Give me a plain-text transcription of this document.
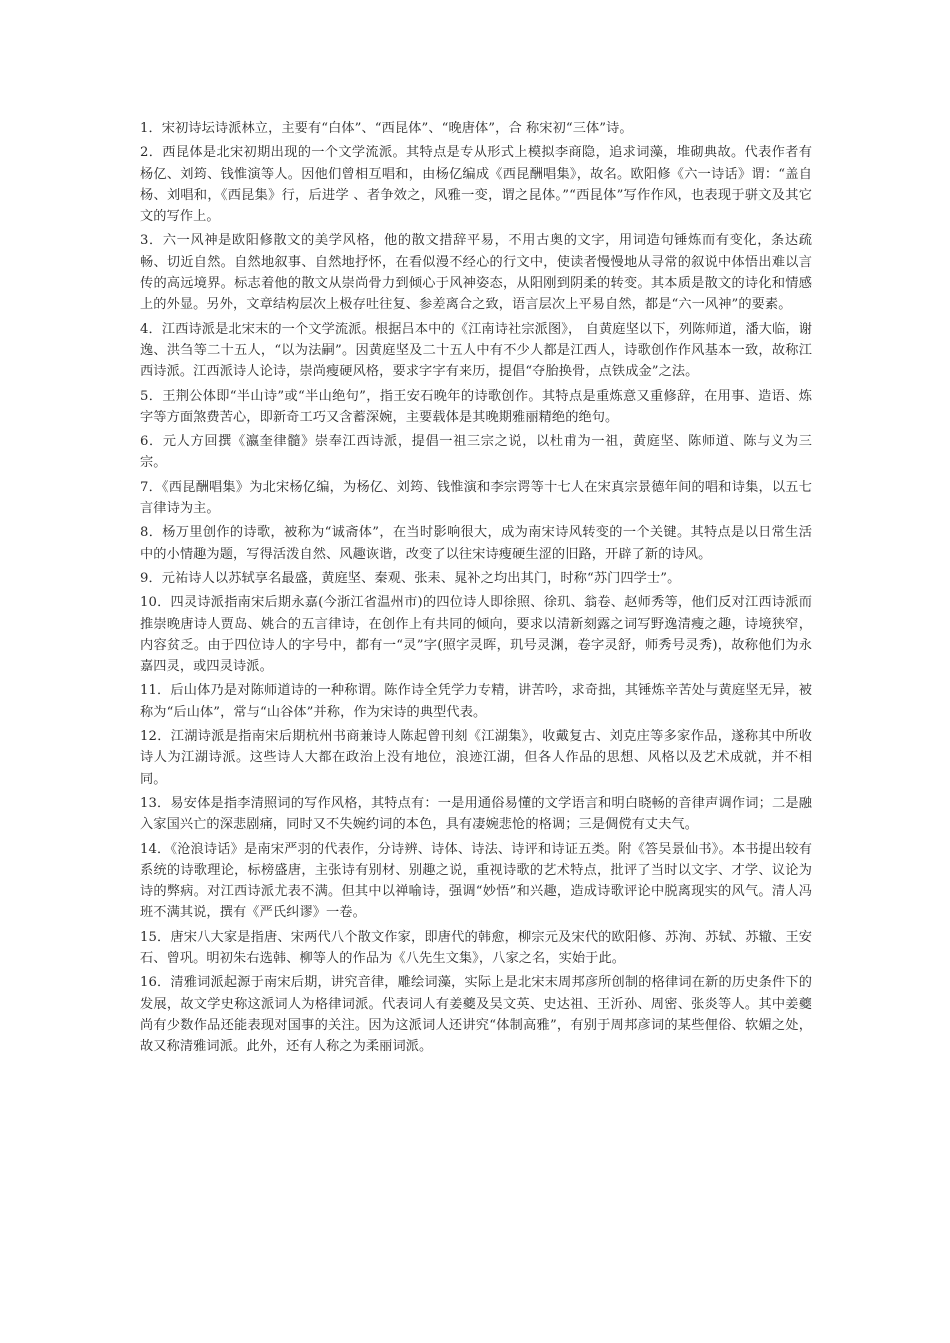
1．宋初诗坛诗派林立，主要有“白体”、“西昆体”、“晚唐体”，合 称宋初“三体”诗。

2．西昆体是北宋初期出现的一个文学流派。其特点是专从形式上模拟李商隐，追求词藻，堆砌典故。代表作者有杨亿、刘筠、钱惟演等人。因他们曾相互唱和，由杨亿编成《西昆酬唱集》，故名。欧阳修《六一诗话》谓：“盖自杨、刘唱和，《西昆集》行，后进学 、者争效之，风雅一变，谓之昆体。”“西昆体”写作作风，也表现于骈文及其它文的写作上。

3．六一风神是欧阳修散文的美学风格，他的散文措辞平易，不用古奥的文字，用词造句锤炼而有变化，条达疏畅、切近自然。自然地叙事、自然地抒怀，在看似漫不经心的行文中，使读者慢慢地从寻常的叙说中体悟出难以言传的高远境界。标志着他的散文从崇尚骨力到倾心于风神姿态，从阳刚到阴柔的转变。其本质是散文的诗化和情感上的外显。另外，文章结构层次上极存吐往复、参差离合之致，语言层次上平易自然，都是“六一风神”的要素。

4．江西诗派是北宋末的一个文学流派。根据吕本中的《江南诗社宗派图》， 自黄庭坚以下，列陈师道，潘大临，谢逸、洪刍等二十五人，“以为法嗣”。因黄庭坚及二十五人中有不少人都是江西人，诗歌创作作风基本一致，故称江西诗派。江西派诗人论诗，崇尚瘦硬风格，要求字字有来历，提倡“夺胎换骨，点铁成金”之法。

5．王荆公体即“半山诗”或“半山绝句”，指王安石晚年的诗歌创作。其特点是重炼意又重修辞，在用事、造语、炼字等方面煞费苦心，即新奇工巧又含蓄深婉，主要载体是其晚期雅丽精绝的绝句。

6．元人方回撰《瀛奎律髓》崇奉江西诗派，提倡一祖三宗之说，以杜甫为一祖，黄庭坚、陈师道、陈与义为三宗。

7．《西昆酬唱集》为北宋杨亿编，为杨亿、刘筠、钱惟演和李宗谔等十七人在宋真宗景德年间的唱和诗集，以五七言律诗为主。

8．杨万里创作的诗歌，被称为“诚斋体”，在当时影响很大，成为南宋诗风转变的一个关键。其特点是以日常生活中的小情趣为题，写得活泼自然、风趣诙谐，改变了以往宋诗瘦硬生涩的旧路，开辟了新的诗风。

9．元祐诗人以苏轼享名最盛，黄庭坚、秦观、张耒、晁补之均出其门，时称“苏门四学士”。

10．四灵诗派指南宋后期永嘉(今浙江省温州市)的四位诗人即徐照、徐玑、翁卷、赵师秀等，他们反对江西诗派而推崇晚唐诗人贾岛、姚合的五言律诗，在创作上有共同的倾向，要求以清新刻露之词写野逸清瘦之趣，诗境狭窄，内容贫乏。由于四位诗人的字号中，都有一“灵”字(照字灵晖，玑号灵渊，卷字灵舒，师秀号灵秀)，故称他们为永嘉四灵，或四灵诗派。

11．后山体乃是对陈师道诗的一种称谓。陈作诗全凭学力专精，讲苦吟，求奇拙，其锤炼辛苦处与黄庭坚无异，被称为“后山体”，常与“山谷体”并称，作为宋诗的典型代表。

12．江湖诗派是指南宋后期杭州书商兼诗人陈起曾刊刻《江湖集》，收戴复古、刘克庄等多家作品，遂称其中所收诗人为江湖诗派。这些诗人大都在政治上没有地位，浪迹江湖，但各人作品的思想、风格以及艺术成就，并不相同。

13．易安体是指李清照词的写作风格，其特点有：一是用通俗易懂的文学语言和明白晓畅的音律声调作词；二是融入家国兴亡的深悲剧痛，同时又不失婉约词的本色，具有凄婉悲怆的格调；三是倜傥有丈夫气。

14．《沧浪诗话》是南宋严羽的代表作，分诗辨、诗体、诗法、诗评和诗证五类。附《答吴景仙书》。本书提出较有系统的诗歌理论，标榜盛唐，主张诗有别材、别趣之说，重视诗歌的艺术特点，批评了当时以文字、才学、议论为诗的弊病。对江西诗派尤表不满。但其中以禅喻诗，强调“妙悟”和兴趣，造成诗歌评论中脱离现实的风气。清人冯班不满其说，撰有《严氏纠谬》一卷。

15．唐宋八大家是指唐、宋两代八个散文作家，即唐代的韩愈，柳宗元及宋代的欧阳修、苏洵、苏轼、苏辙、王安石、曾巩。明初朱右选韩、柳等人的作品为《八先生文集》，八家之名，实始于此。

16．清雅词派起源于南宋后期，讲究音律，雕绘词藻，实际上是北宋末周邦彦所创制的格律词在新的历史条件下的发展，故文学史称这派词人为格律词派。代表词人有姜夔及吴文英、史达祖、王沂孙、周密、张炎等人。其中姜夔尚有少数作品还能表现对国事的关注。因为这派词人还讲究“体制高雅”，有别于周邦彦词的某些俚俗、软媚之处，故又称清雅词派。此外，还有人称之为柔丽词派。
